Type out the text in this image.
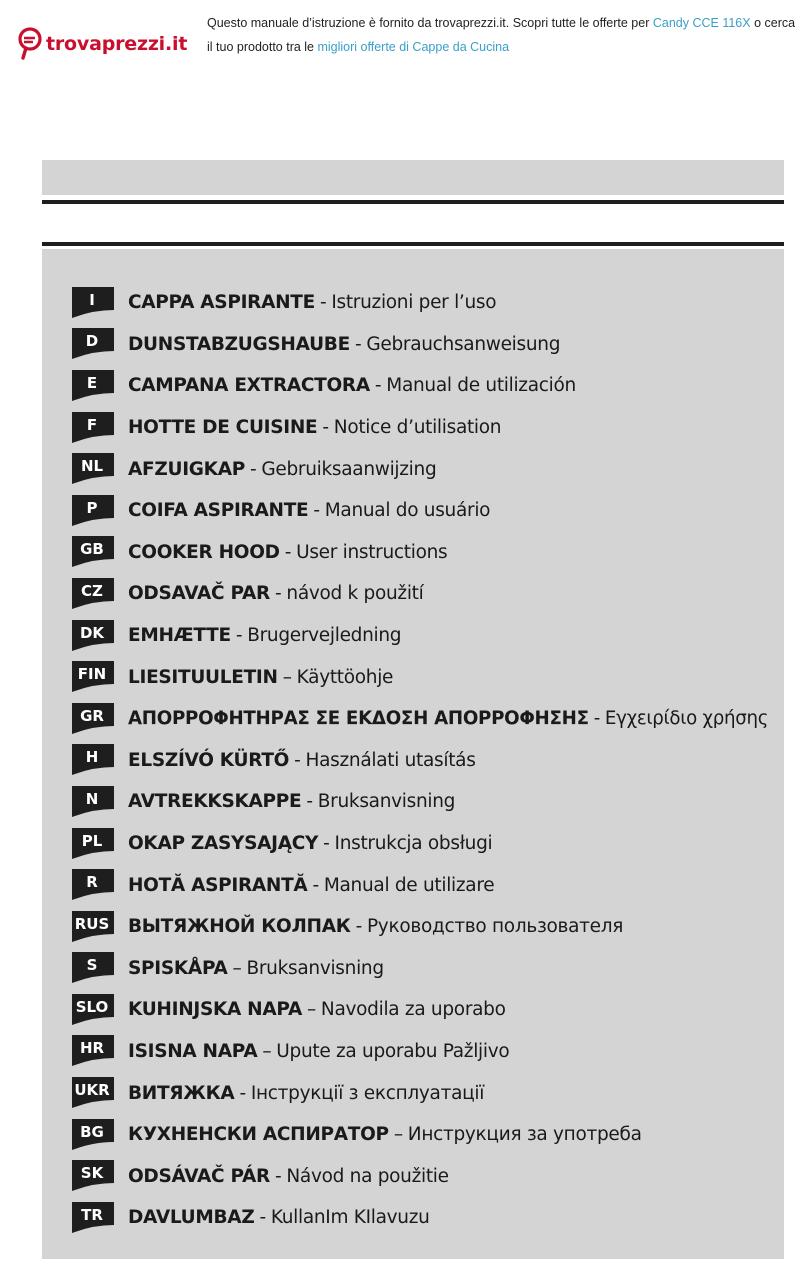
trovaprezzi.it
Questo manuale d’istruzione è fornito da trovaprezzi.it. Scopri tutte le offerte per Candy CCE 116X o cerca
il tuo prodotto tra le migliori offerte di Cappe da Cucina
I	CAPPA ASPIRANTE - Istruzioni per l’uso
D	DUNSTABZUGSHAUBE - Gebrauchsanweisung
E	CAMPANA EXTRACTORA - Manual de utilización
F	HOTTE DE CUISINE - Notice d’utilisation
NL	AFZUIGKAP - Gebruiksaanwijzing
P	COIFA ASPIRANTE - Manual do usuário
GB	COOKER HOOD - User instructions
CZ	ODSAVAČ PAR - návod k použití
DK	EMHÆTTE - Brugervejledning
FIN	LIESITUULETIN – Käyttöohje
GR	ΑΠΟΡΡΟΦΗΤΗΡΑΣ ΣΕ ΕΚΔΟΣΗ ΑΠΟΡΡΟΦΗΣΗΣ - Εγχειρίδιο χρήσης
H	ELSZÍVÓ KÜRTŐ - Használati utasítás
N	AVTREKKSKAPPE - Bruksanvisning
PL	OKAP ZASYSAJĄCY - Instrukcja obsługi
R	HOTĂ ASPIRANTĂ - Manual de utilizare
RUS ВЫТЯЖНОЙ КОЛПАК - Руководство пользователя
S	SPISKÅPA – Bruksanvisning
SLO	KUHINJSKA NAPA – Navodila za uporabo
HR	ISISNA NAPA – Upute za uporabu Pažljivo
UKR ВИТЯЖКА - Інструкції з експлуатації
BG	КУХНЕНСКИ АСПИРАТОР – Инструкция за употреба
SK	ODSÁVAČ PÁR - Návod na použitie
TR	DAVLUMBAZ - KullanIm KIlavuzu
